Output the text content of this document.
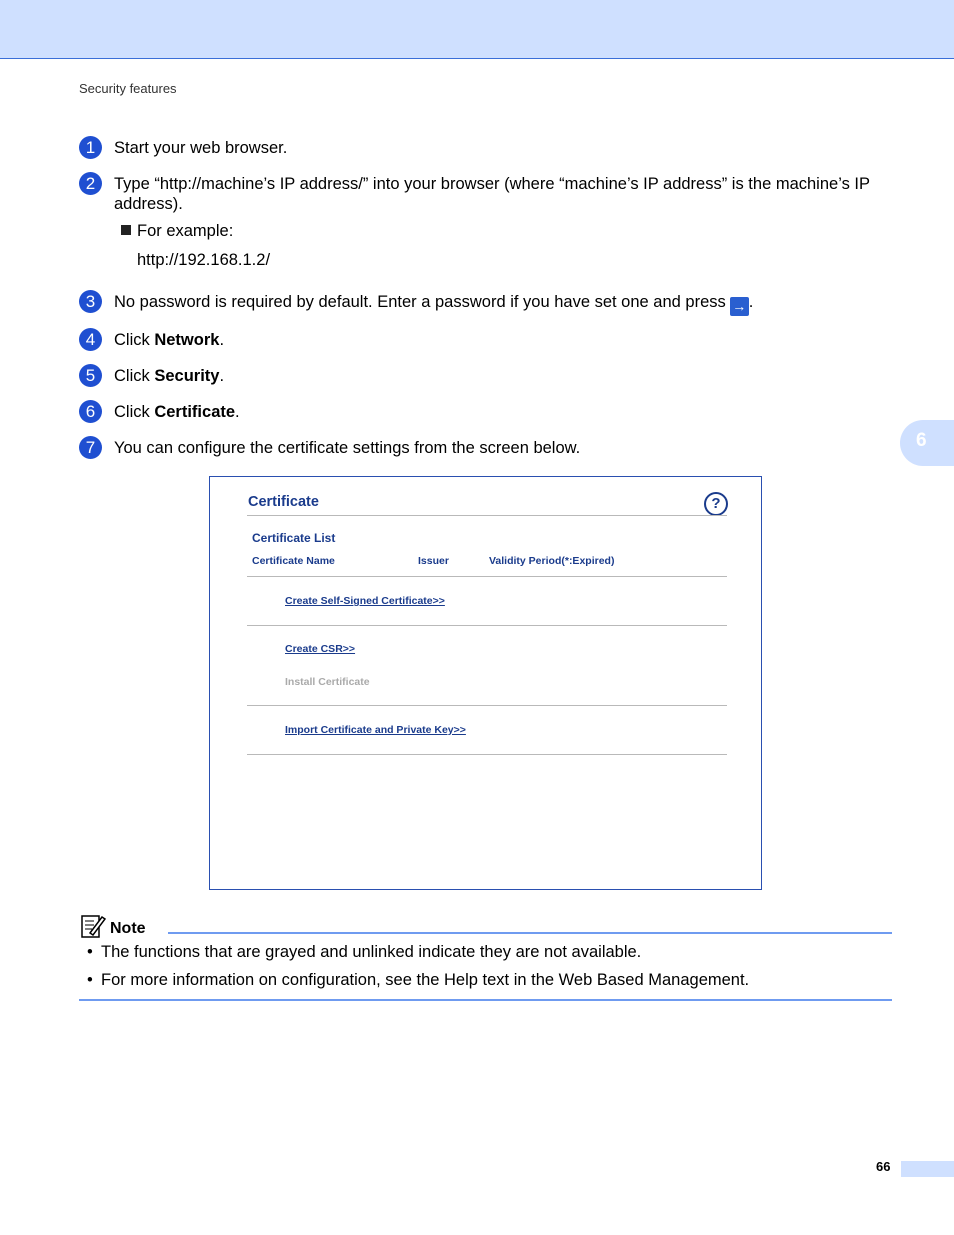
Security features
1	Start your web browser.
2	Type “http://machine’s IP address/” into your browser (where “machine’s IP address” is the machine’s IP address).
For example:
http://192.168.1.2/
3	No password is required by default. Enter a password if you have set one and press → .
4	Click Network.
5	Click Security.
6	Click Certificate.
7	You can configure the certificate settings from the screen below.	6
Certificate	?
Certificate List
Certificate Name	Issuer	Validity Period(*:Expired)
Create Self-Signed Certificate>>
Create CSR>>
Install Certificate
Import Certificate and Private Key>>
Note
• The functions that are grayed and unlinked indicate they are not available.
• For more information on configuration, see the Help text in the Web Based Management.
66
